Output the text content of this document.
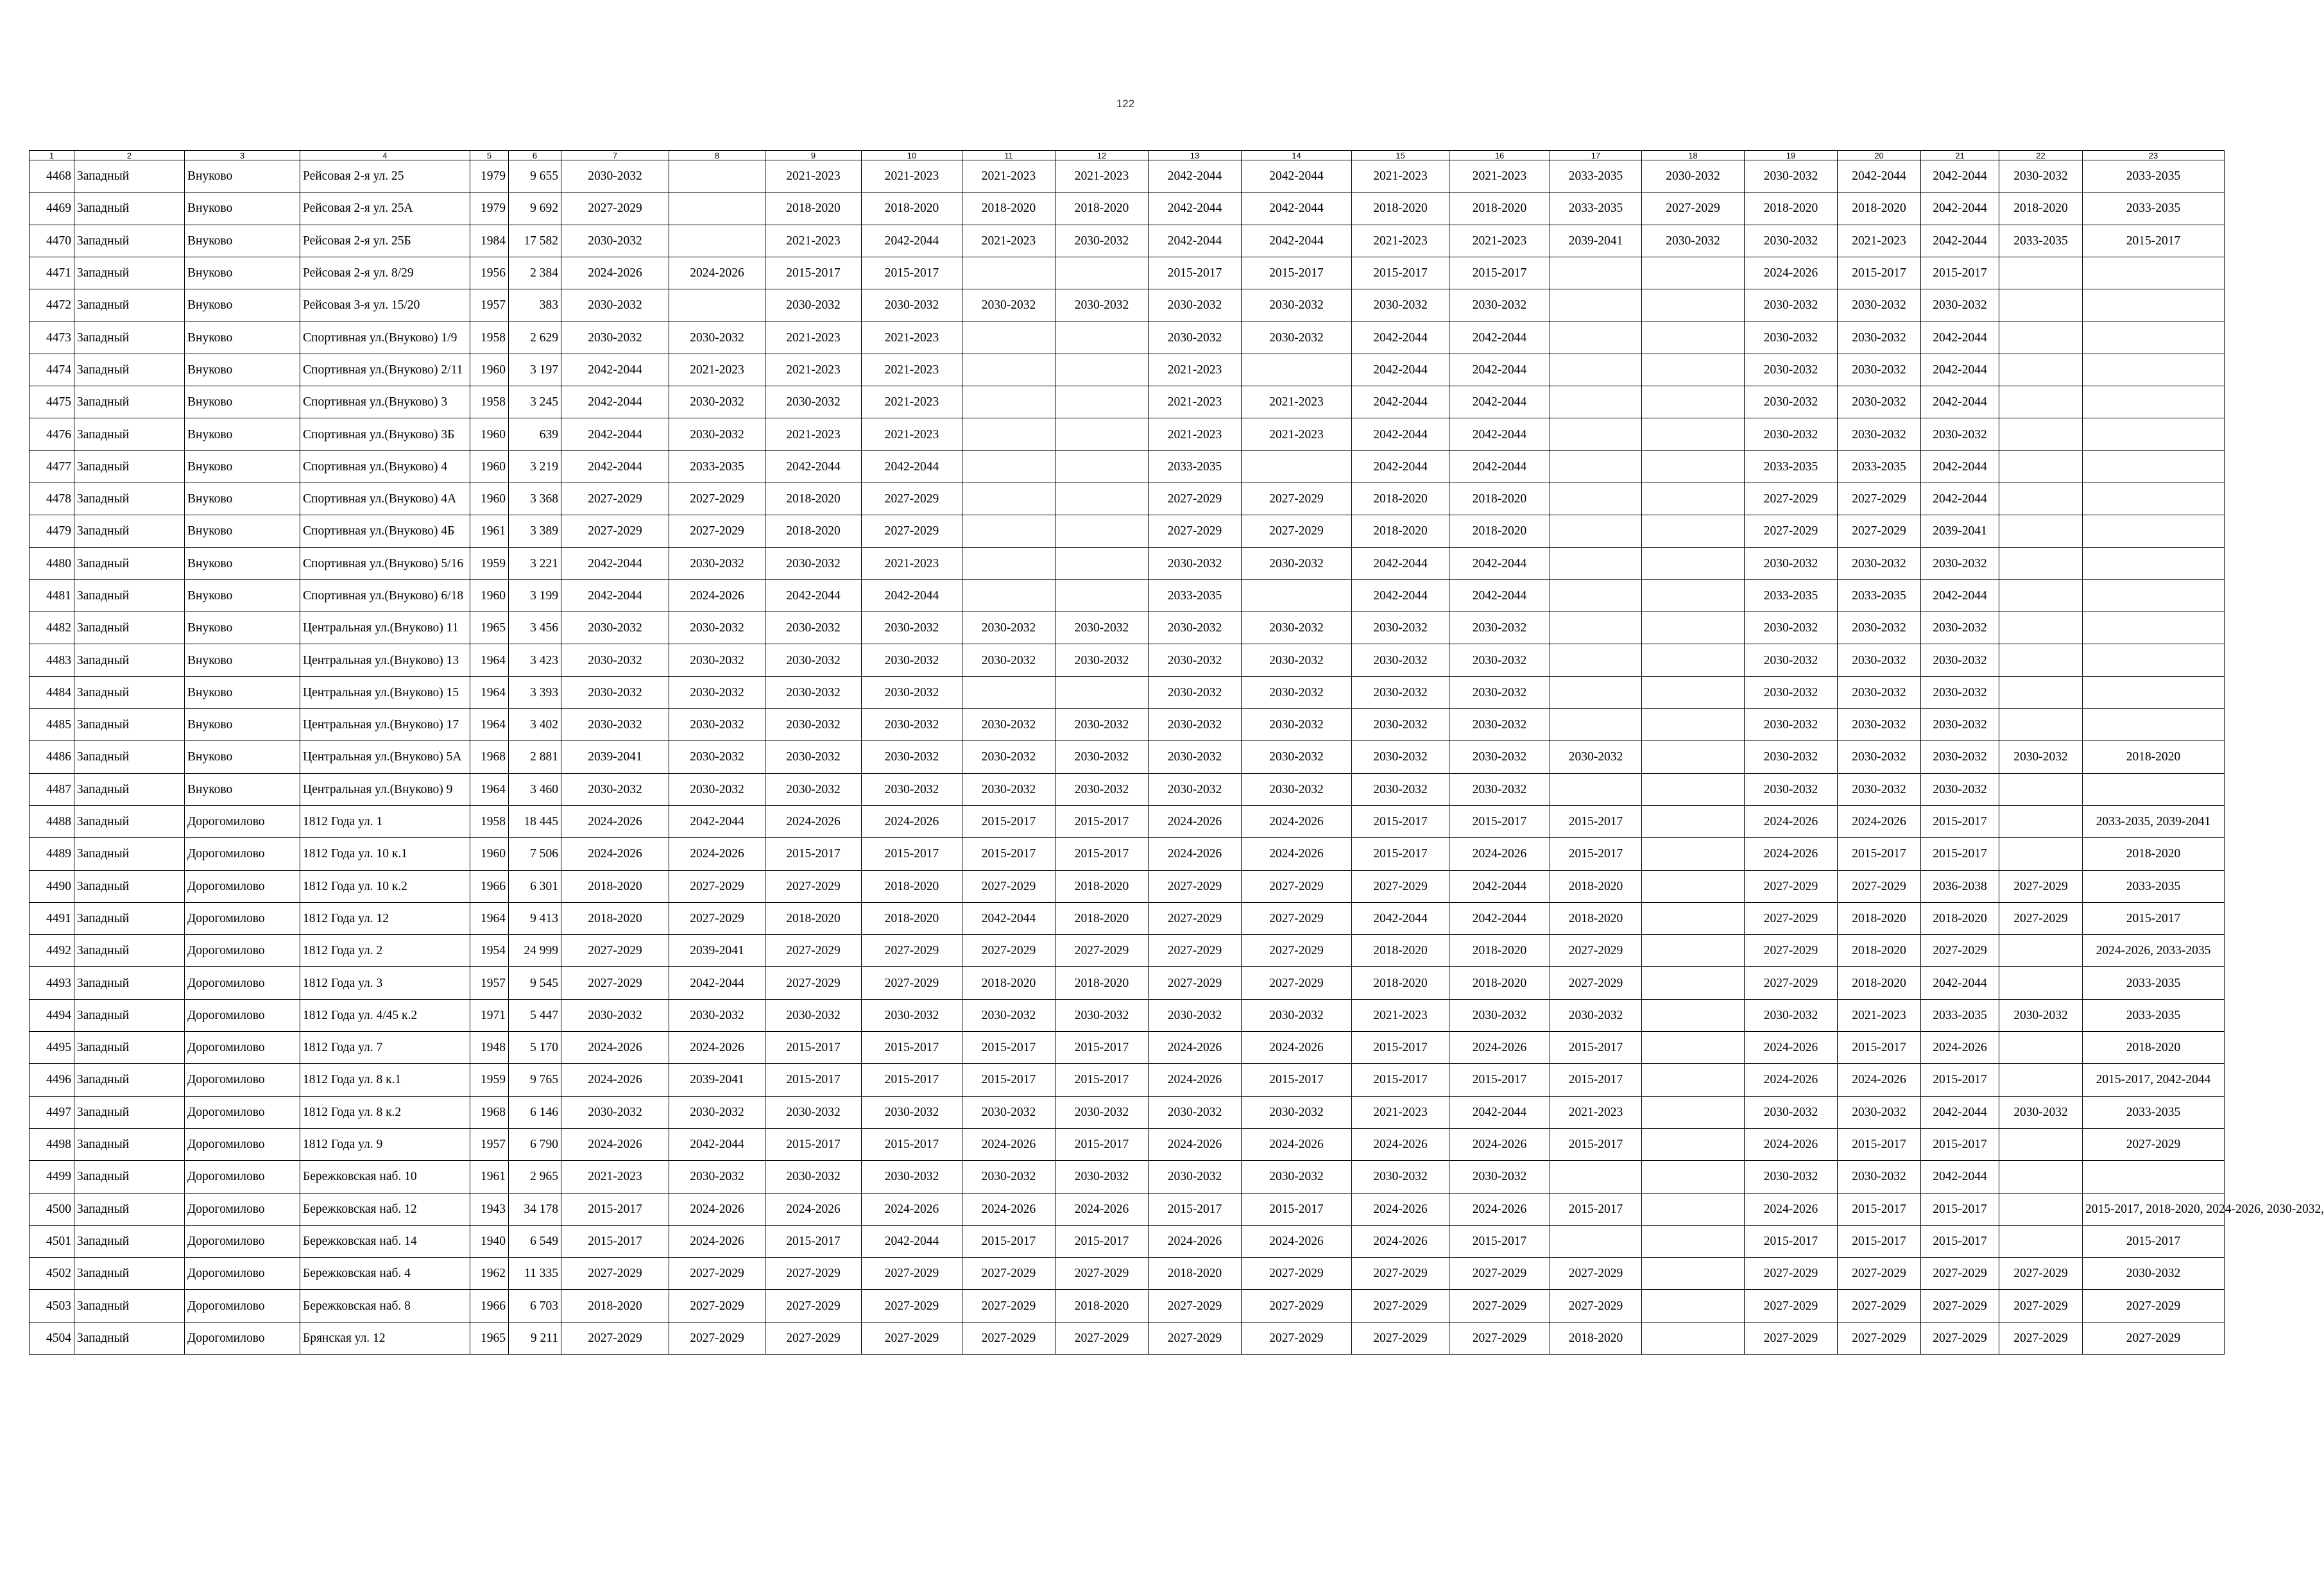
122
1	2	3	4	5	6	7	8	9	10	11	12	13	14	15	16	17	18	19	20	21	22	23
4468	Западный	Внуково	Рейсовая 2-я ул. 25	1979	9 655	2030-2032		2021-2023	2021-2023	2021-2023	2021-2023	2042-2044	2042-2044	2021-2023	2021-2023	2033-2035	2030-2032	2030-2032	2042-2044	2042-2044	2030-2032	2033-2035
4469	Западный	Внуково	Рейсовая 2-я ул. 25А	1979	9 692	2027-2029		2018-2020	2018-2020	2018-2020	2018-2020	2042-2044	2042-2044	2018-2020	2018-2020	2033-2035	2027-2029	2018-2020	2018-2020	2042-2044	2018-2020	2033-2035
4470	Западный	Внуково	Рейсовая 2-я ул. 25Б	1984	17 582	2030-2032		2021-2023	2042-2044	2021-2023	2030-2032	2042-2044	2042-2044	2021-2023	2021-2023	2039-2041	2030-2032	2030-2032	2021-2023	2042-2044	2033-2035	2015-2017
4471	Западный	Внуково	Рейсовая 2-я ул. 8/29	1956	2 384	2024-2026	2024-2026	2015-2017	2015-2017			2015-2017	2015-2017	2015-2017	2015-2017			2024-2026	2015-2017	2015-2017		
4472	Западный	Внуково	Рейсовая 3-я ул. 15/20	1957	383	2030-2032		2030-2032	2030-2032	2030-2032	2030-2032	2030-2032	2030-2032	2030-2032	2030-2032			2030-2032	2030-2032	2030-2032		
4473	Западный	Внуково	Спортивная ул.(Внуково) 1/9	1958	2 629	2030-2032	2030-2032	2021-2023	2021-2023			2030-2032	2030-2032	2042-2044	2042-2044			2030-2032	2030-2032	2042-2044		
4474	Западный	Внуково	Спортивная ул.(Внуково) 2/11	1960	3 197	2042-2044	2021-2023	2021-2023	2021-2023			2021-2023		2042-2044	2042-2044			2030-2032	2030-2032	2042-2044		
4475	Западный	Внуково	Спортивная ул.(Внуково) 3	1958	3 245	2042-2044	2030-2032	2030-2032	2021-2023			2021-2023	2021-2023	2042-2044	2042-2044			2030-2032	2030-2032	2042-2044		
4476	Западный	Внуково	Спортивная ул.(Внуково) 3Б	1960	639	2042-2044	2030-2032	2021-2023	2021-2023			2021-2023	2021-2023	2042-2044	2042-2044			2030-2032	2030-2032	2030-2032		
4477	Западный	Внуково	Спортивная ул.(Внуково) 4	1960	3 219	2042-2044	2033-2035	2042-2044	2042-2044			2033-2035		2042-2044	2042-2044			2033-2035	2033-2035	2042-2044		
4478	Западный	Внуково	Спортивная ул.(Внуково) 4А	1960	3 368	2027-2029	2027-2029	2018-2020	2027-2029			2027-2029	2027-2029	2018-2020	2018-2020			2027-2029	2027-2029	2042-2044		
4479	Западный	Внуково	Спортивная ул.(Внуково) 4Б	1961	3 389	2027-2029	2027-2029	2018-2020	2027-2029			2027-2029	2027-2029	2018-2020	2018-2020			2027-2029	2027-2029	2039-2041		
4480	Западный	Внуково	Спортивная ул.(Внуково) 5/16	1959	3 221	2042-2044	2030-2032	2030-2032	2021-2023			2030-2032	2030-2032	2042-2044	2042-2044			2030-2032	2030-2032	2030-2032		
4481	Западный	Внуково	Спортивная ул.(Внуково) 6/18	1960	3 199	2042-2044	2024-2026	2042-2044	2042-2044			2033-2035		2042-2044	2042-2044			2033-2035	2033-2035	2042-2044		
4482	Западный	Внуково	Центральная ул.(Внуково) 11	1965	3 456	2030-2032	2030-2032	2030-2032	2030-2032	2030-2032	2030-2032	2030-2032	2030-2032	2030-2032	2030-2032			2030-2032	2030-2032	2030-2032		
4483	Западный	Внуково	Центральная ул.(Внуково) 13	1964	3 423	2030-2032	2030-2032	2030-2032	2030-2032	2030-2032	2030-2032	2030-2032	2030-2032	2030-2032	2030-2032			2030-2032	2030-2032	2030-2032		
4484	Западный	Внуково	Центральная ул.(Внуково) 15	1964	3 393	2030-2032	2030-2032	2030-2032	2030-2032			2030-2032	2030-2032	2030-2032	2030-2032			2030-2032	2030-2032	2030-2032		
4485	Западный	Внуково	Центральная ул.(Внуково) 17	1964	3 402	2030-2032	2030-2032	2030-2032	2030-2032	2030-2032	2030-2032	2030-2032	2030-2032	2030-2032	2030-2032			2030-2032	2030-2032	2030-2032		
4486	Западный	Внуково	Центральная ул.(Внуково) 5А	1968	2 881	2039-2041	2030-2032	2030-2032	2030-2032	2030-2032	2030-2032	2030-2032	2030-2032	2030-2032	2030-2032	2030-2032		2030-2032	2030-2032	2030-2032	2030-2032	2018-2020
4487	Западный	Внуково	Центральная ул.(Внуково) 9	1964	3 460	2030-2032	2030-2032	2030-2032	2030-2032	2030-2032	2030-2032	2030-2032	2030-2032	2030-2032	2030-2032			2030-2032	2030-2032	2030-2032		
4488	Западный	Дорогомилово	1812 Года ул. 1	1958	18 445	2024-2026	2042-2044	2024-2026	2024-2026	2015-2017	2015-2017	2024-2026	2024-2026	2015-2017	2015-2017	2015-2017		2024-2026	2024-2026	2015-2017		2033-2035, 2039-2041
4489	Западный	Дорогомилово	1812 Года ул. 10 к.1	1960	7 506	2024-2026	2024-2026	2015-2017	2015-2017	2015-2017	2015-2017	2024-2026	2024-2026	2015-2017	2024-2026	2015-2017		2024-2026	2015-2017	2015-2017		2018-2020
4490	Западный	Дорогомилово	1812 Года ул. 10 к.2	1966	6 301	2018-2020	2027-2029	2027-2029	2018-2020	2027-2029	2018-2020	2027-2029	2027-2029	2027-2029	2042-2044	2018-2020		2027-2029	2027-2029	2036-2038	2027-2029	2033-2035
4491	Западный	Дорогомилово	1812 Года ул. 12	1964	9 413	2018-2020	2027-2029	2018-2020	2018-2020	2042-2044	2018-2020	2027-2029	2027-2029	2042-2044	2042-2044	2018-2020		2027-2029	2018-2020	2018-2020	2027-2029	2015-2017
4492	Западный	Дорогомилово	1812 Года ул. 2	1954	24 999	2027-2029	2039-2041	2027-2029	2027-2029	2027-2029	2027-2029	2027-2029	2027-2029	2018-2020	2018-2020	2027-2029		2027-2029	2018-2020	2027-2029		2024-2026, 2033-2035
4493	Западный	Дорогомилово	1812 Года ул. 3	1957	9 545	2027-2029	2042-2044	2027-2029	2027-2029	2018-2020	2018-2020	2027-2029	2027-2029	2018-2020	2018-2020	2027-2029		2027-2029	2018-2020	2042-2044		2033-2035
4494	Западный	Дорогомилово	1812 Года ул. 4/45 к.2	1971	5 447	2030-2032	2030-2032	2030-2032	2030-2032	2030-2032	2030-2032	2030-2032	2030-2032	2021-2023	2030-2032	2030-2032		2030-2032	2021-2023	2033-2035	2030-2032	2033-2035
4495	Западный	Дорогомилово	1812 Года ул. 7	1948	5 170	2024-2026	2024-2026	2015-2017	2015-2017	2015-2017	2015-2017	2024-2026	2024-2026	2015-2017	2024-2026	2015-2017		2024-2026	2015-2017	2024-2026		2018-2020
4496	Западный	Дорогомилово	1812 Года ул. 8 к.1	1959	9 765	2024-2026	2039-2041	2015-2017	2015-2017	2015-2017	2015-2017	2024-2026	2015-2017	2015-2017	2015-2017	2015-2017		2024-2026	2024-2026	2015-2017		2015-2017, 2042-2044
4497	Западный	Дорогомилово	1812 Года ул. 8 к.2	1968	6 146	2030-2032	2030-2032	2030-2032	2030-2032	2030-2032	2030-2032	2030-2032	2030-2032	2021-2023	2042-2044	2021-2023		2030-2032	2030-2032	2042-2044	2030-2032	2033-2035
4498	Западный	Дорогомилово	1812 Года ул. 9	1957	6 790	2024-2026	2042-2044	2015-2017	2015-2017	2024-2026	2015-2017	2024-2026	2024-2026	2024-2026	2024-2026	2015-2017		2024-2026	2015-2017	2015-2017		2027-2029
4499	Западный	Дорогомилово	Бережковская наб. 10	1961	2 965	2021-2023	2030-2032	2030-2032	2030-2032	2030-2032	2030-2032	2030-2032	2030-2032	2030-2032	2030-2032			2030-2032	2030-2032	2042-2044		
4500	Западный	Дорогомилово	Бережковская наб. 12	1943	34 178	2015-2017	2024-2026	2024-2026	2024-2026	2024-2026	2024-2026	2015-2017	2015-2017	2024-2026	2024-2026	2015-2017		2024-2026	2015-2017	2015-2017		2015-2017, 2018-2020, 2024-2026, 2030-2032,
4501	Западный	Дорогомилово	Бережковская наб. 14	1940	6 549	2015-2017	2024-2026	2015-2017	2042-2044	2015-2017	2015-2017	2024-2026	2024-2026	2024-2026	2015-2017			2015-2017	2015-2017	2015-2017		2015-2017
4502	Западный	Дорогомилово	Бережковская наб. 4	1962	11 335	2027-2029	2027-2029	2027-2029	2027-2029	2027-2029	2027-2029	2018-2020	2027-2029	2027-2029	2027-2029	2027-2029		2027-2029	2027-2029	2027-2029	2027-2029	2030-2032
4503	Западный	Дорогомилово	Бережковская наб. 8	1966	6 703	2018-2020	2027-2029	2027-2029	2027-2029	2027-2029	2018-2020	2027-2029	2027-2029	2027-2029	2027-2029	2027-2029		2027-2029	2027-2029	2027-2029	2027-2029	2027-2029
4504	Западный	Дорогомилово	Брянская ул. 12	1965	9 211	2027-2029	2027-2029	2027-2029	2027-2029	2027-2029	2027-2029	2027-2029	2027-2029	2027-2029	2027-2029	2018-2020		2027-2029	2027-2029	2027-2029	2027-2029	2027-2029
